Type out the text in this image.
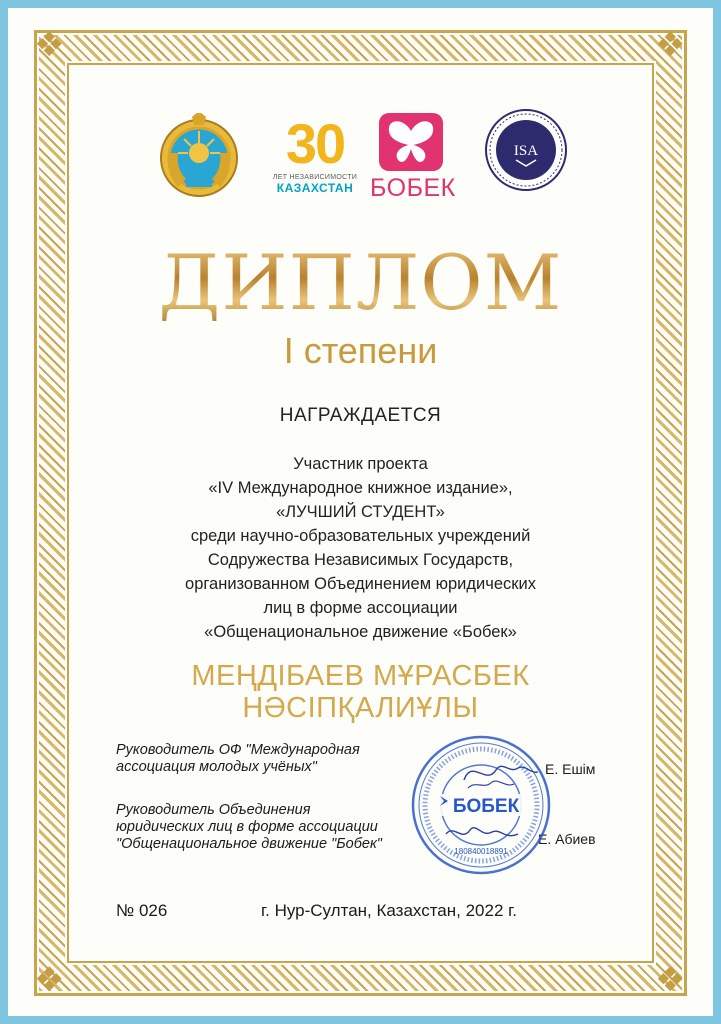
❖	❖
❖	❖
30
ЛЕТ НЕЗАВИСИМОСТИ
КАЗАХСТАН БОБЕК
ISA
ДИПЛОМ
I степени
НАГРАЖДАЕТСЯ
Участник проекта
«IV Международное книжное издание»,
«ЛУЧШИЙ СТУДЕНТ»
среди научно-образовательных учреждений
Содружества Независимых Государств,
организованном Объединением юридических
лиц в форме ассоциации
«Общенациональное движение «Бобек»
МЕҢДІБАЕВ МҰРАСБЕК
НӘСІПҚАЛИҰЛЫ
Руководитель ОФ "Международная
ассоциация молодых учёных"	Е. Ешім
Руководитель Объединения
юридических лиц в форме ассоциации
"Общенациональное движение "Бобек"	Е. Абиев
БОБЕК
180840018891
№ 026	г. Нур-Султан, Казахстан, 2022 г.
